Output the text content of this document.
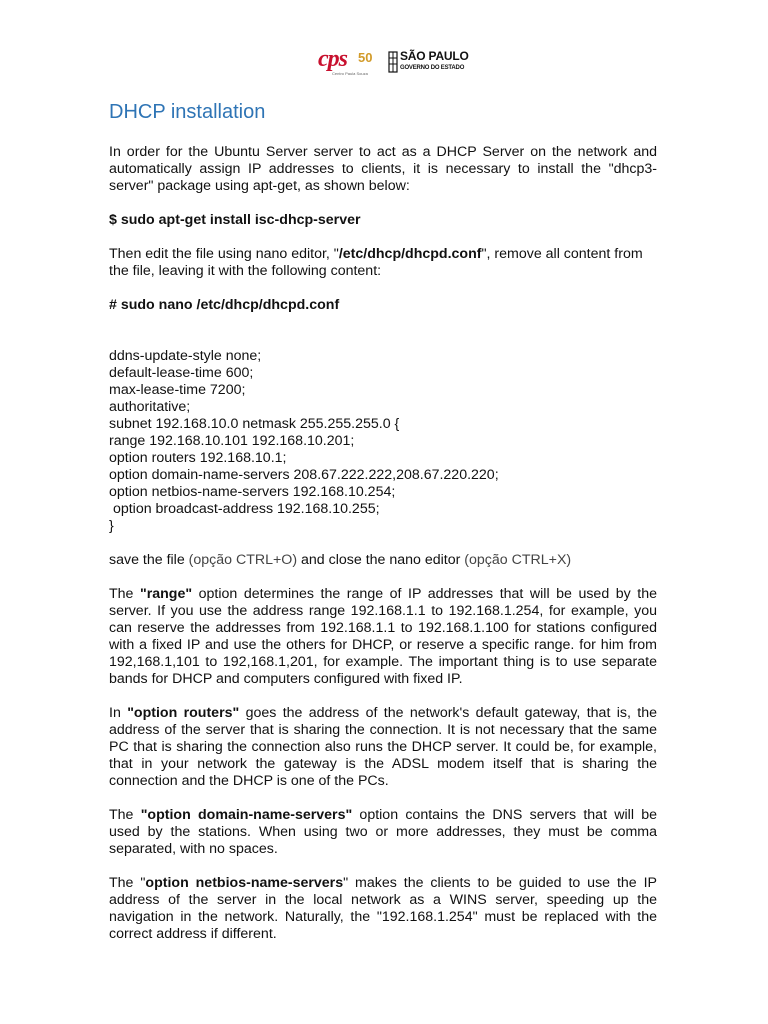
cps 50
Centro Paula Souza
SÃO PAULO
GOVERNO DO ESTADO
DHCP installation

In order for the Ubuntu Server server to act as a DHCP Server on the network and automatically assign IP addresses to clients, it is necessary to install the "dhcp3-server" package using apt-get, as shown below:

$ sudo apt-get install isc-dhcp-server

Then edit the file using nano editor, "/etc/dhcp/dhcpd.conf", remove all content from the file, leaving it with the following content:

# sudo nano /etc/dhcp/dhcpd.conf

ddns-update-style none;

default-lease-time 600;

max-lease-time 7200;

authoritative;

subnet 192.168.10.0 netmask 255.255.255.0 {

range 192.168.10.101 192.168.10.201;

option routers 192.168.10.1;

option domain-name-servers 208.67.222.222,208.67.220.220;

option netbios-name-servers 192.168.10.254;

option broadcast-address 192.168.10.255;

}

save the file (opção CTRL+O) and close the nano editor (opção CTRL+X)

The "range" option determines the range of IP addresses that will be used by the server. If you use the address range 192.168.1.1 to 192.168.1.254, for example, you can reserve the addresses from 192.168.1.1 to 192.168.1.100 for stations configured with a fixed IP and use the others for DHCP, or reserve a specific range. for him from 192,168.1,101 to 192,168.1,201, for example. The important thing is to use separate bands for DHCP and computers configured with fixed IP.

In "option routers" goes the address of the network's default gateway, that is, the address of the server that is sharing the connection. It is not necessary that the same PC that is sharing the connection also runs the DHCP server. It could be, for example, that in your network the gateway is the ADSL modem itself that is sharing the connection and the DHCP is one of the PCs.

The "option domain-name-servers" option contains the DNS servers that will be used by the stations. When using two or more addresses, they must be comma separated, with no spaces.

The "option netbios-name-servers" makes the clients to be guided to use the IP address of the server in the local network as a WINS server, speeding up the navigation in the network. Naturally, the "192.168.1.254" must be replaced with the correct address if different.
